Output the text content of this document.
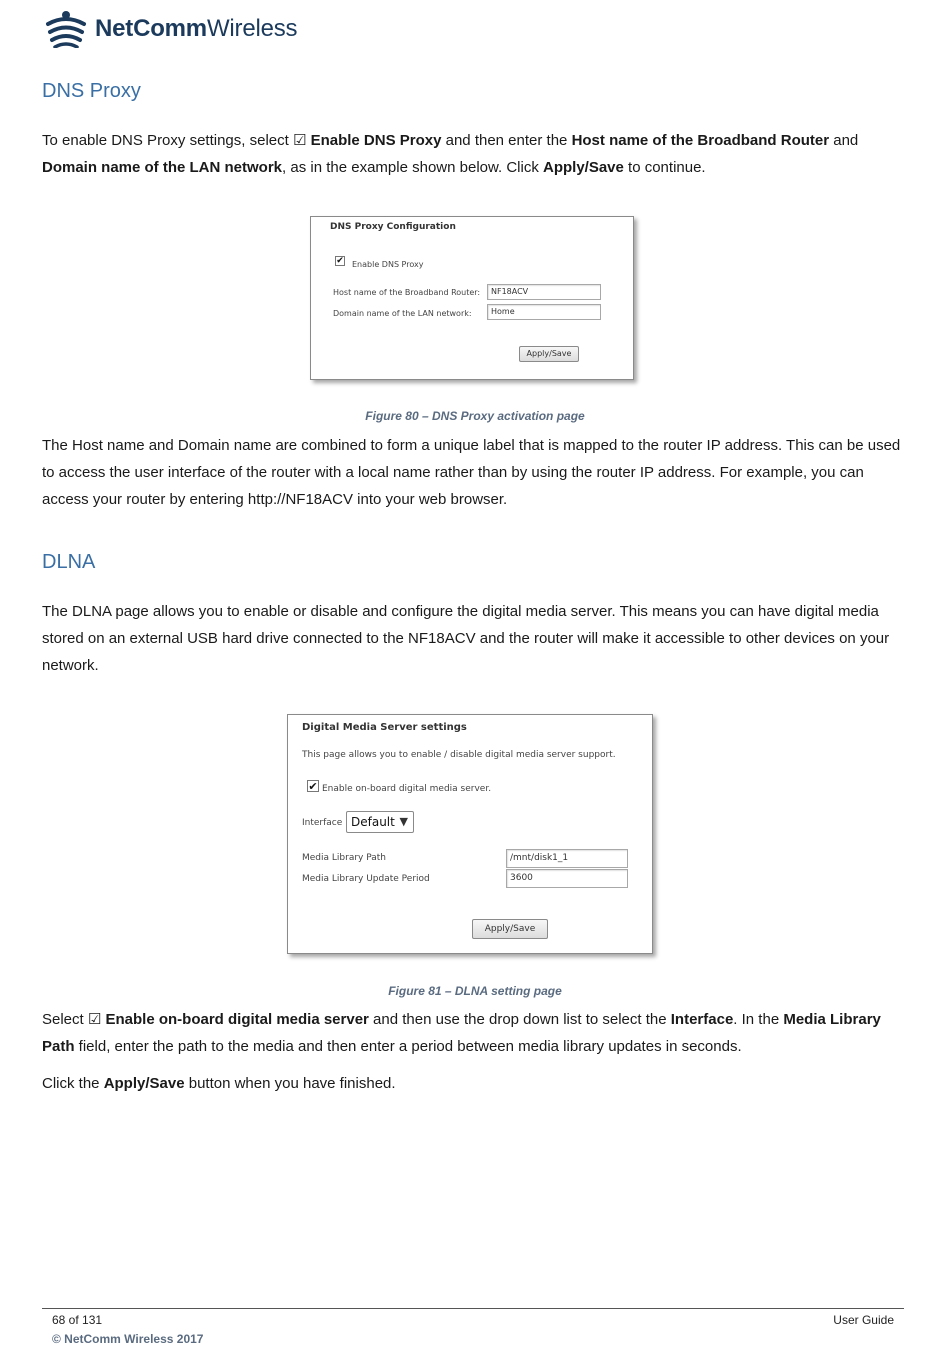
NetCommWireless
DNS Proxy

To enable DNS Proxy settings, select ☑ Enable DNS Proxy and then enter the Host name of the Broadband Router and
Domain name of the LAN network, as in the example shown below. Click Apply/Save to continue.

DNS Proxy Configuration
✔ Enable DNS Proxy
Host name of the Broadband Router:	NF18ACV
Domain name of the LAN network:	Home
Apply/Save
Figure 80 – DNS Proxy activation page

The Host name and Domain name are combined to form a unique label that is mapped to the router IP address. This can be used to access the user interface of the router with a local name rather than by using the router IP address. For example, you can access your router by entering http://NF18ACV into your web browser.

DLNA

The DLNA page allows you to enable or disable and configure the digital media server. This means you can have digital media stored on an external USB hard drive connected to the NF18ACV and the router will make it accessible to other devices on your network.

Digital Media Server settings
This page allows you to enable / disable digital media server support.
✔ Enable on-board digital media server.
Interface Default ▼
Media Library Path	/mnt/disk1_1
Media Library Update Period	3600
Apply/Save
Figure 81 – DLNA setting page

Select ☑ Enable on-board digital media server and then use the drop down list to select the Interface. In the Media Library Path field, enter the path to the media and then enter a period between media library updates in seconds.

Click the Apply/Save button when you have finished.

68 of 131	User Guide
© NetComm Wireless 2017
